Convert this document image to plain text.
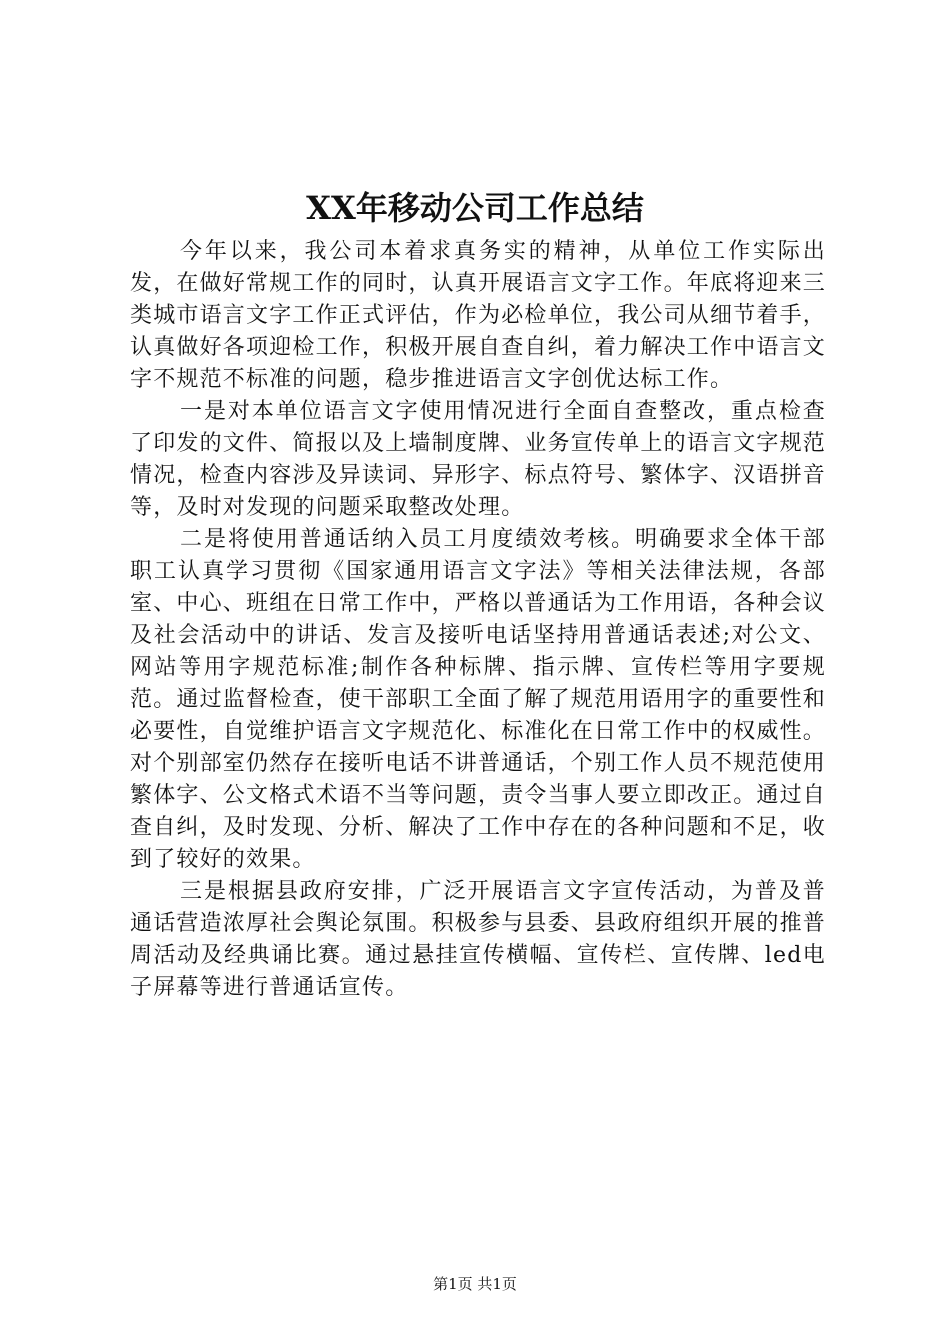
XX年移动公司工作总结

今年以来，我公司本着求真务实的精神，从单位工作实际出发，在做好常规工作的同时，认真开展语言文字工作。年底将迎来三类城市语言文字工作正式评估，作为必检单位，我公司从细节着手，认真做好各项迎检工作，积极开展自查自纠，着力解决工作中语言文字不规范不标准的问题，稳步推进语言文字创优达标工作。

一是对本单位语言文字使用情况进行全面自查整改，重点检查了印发的文件、简报以及上墙制度牌、业务宣传单上的语言文字规范情况，检查内容涉及异读词、异形字、标点符号、繁体字、汉语拼音等，及时对发现的问题采取整改处理。

二是将使用普通话纳入员工月度绩效考核。明确要求全体干部职工认真学习贯彻《国家通用语言文字法》等相关法律法规，各部室、中心、班组在日常工作中，严格以普通话为工作用语，各种会议及社会活动中的讲话、发言及接听电话坚持用普通话表述;对公文、网站等用字规范标准;制作各种标牌、指示牌、宣传栏等用字要规范。通过监督检查，使干部职工全面了解了规范用语用字的重要性和必要性，自觉维护语言文字规范化、标准化在日常工作中的权威性。对个别部室仍然存在接听电话不讲普通话，个别工作人员不规范使用繁体字、公文格式术语不当等问题，责令当事人要立即改正。通过自查自纠，及时发现、分析、解决了工作中存在的各种问题和不足，收到了较好的效果。

三是根据县政府安排，广泛开展语言文字宣传活动，为普及普通话营造浓厚社会舆论氛围。积极参与县委、县政府组织开展的推普周活动及经典诵比赛。通过悬挂宣传横幅、宣传栏、宣传牌、led电子屏幕等进行普通话宣传。

第1页 共1页
